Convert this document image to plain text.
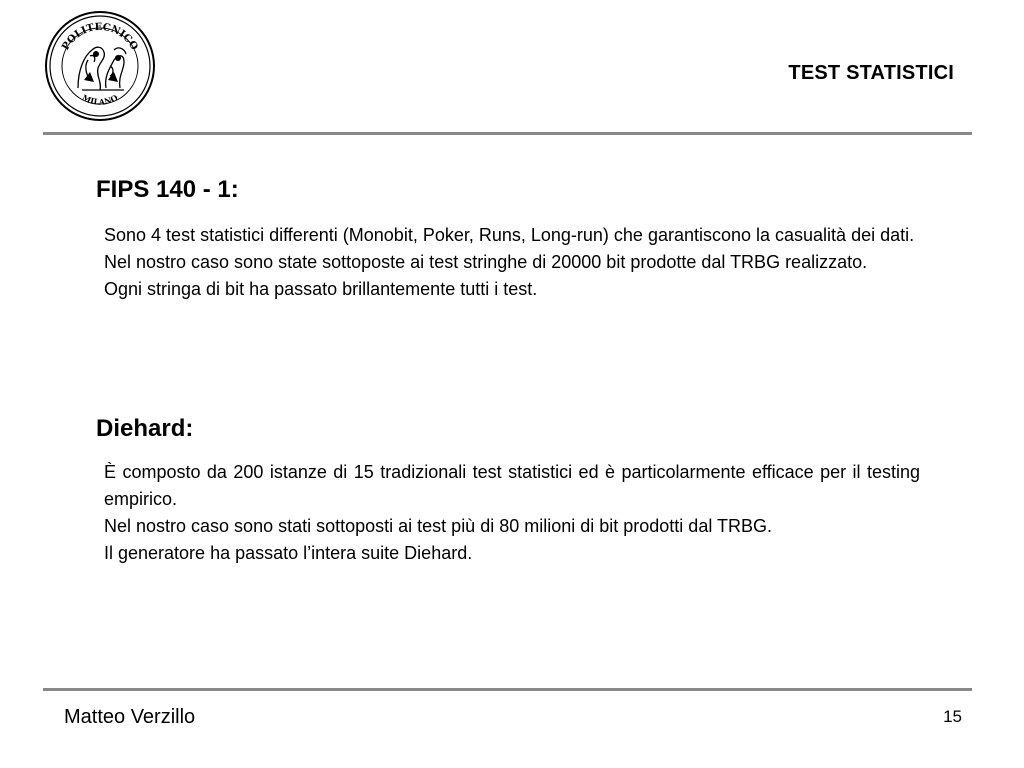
POLITECNICO
MILANO
TEST STATISTICI
FIPS 140 - 1:

Sono 4 test statistici differenti (Monobit, Poker, Runs, Long-run) che garantiscono la casualità dei dati.

Nel nostro caso sono state sottoposte ai test stringhe di 20000 bit prodotte dal TRBG realizzato.

Ogni stringa di bit ha passato brillantemente tutti i test.

Diehard:

È composto da 200 istanze di 15 tradizionali test statistici ed è particolarmente efficace per il testing empirico.

Nel nostro caso sono stati sottoposti ai test più di 80 milioni di bit prodotti dal TRBG.

Il generatore ha passato l’intera suite Diehard.

Matteo Verzillo	15
